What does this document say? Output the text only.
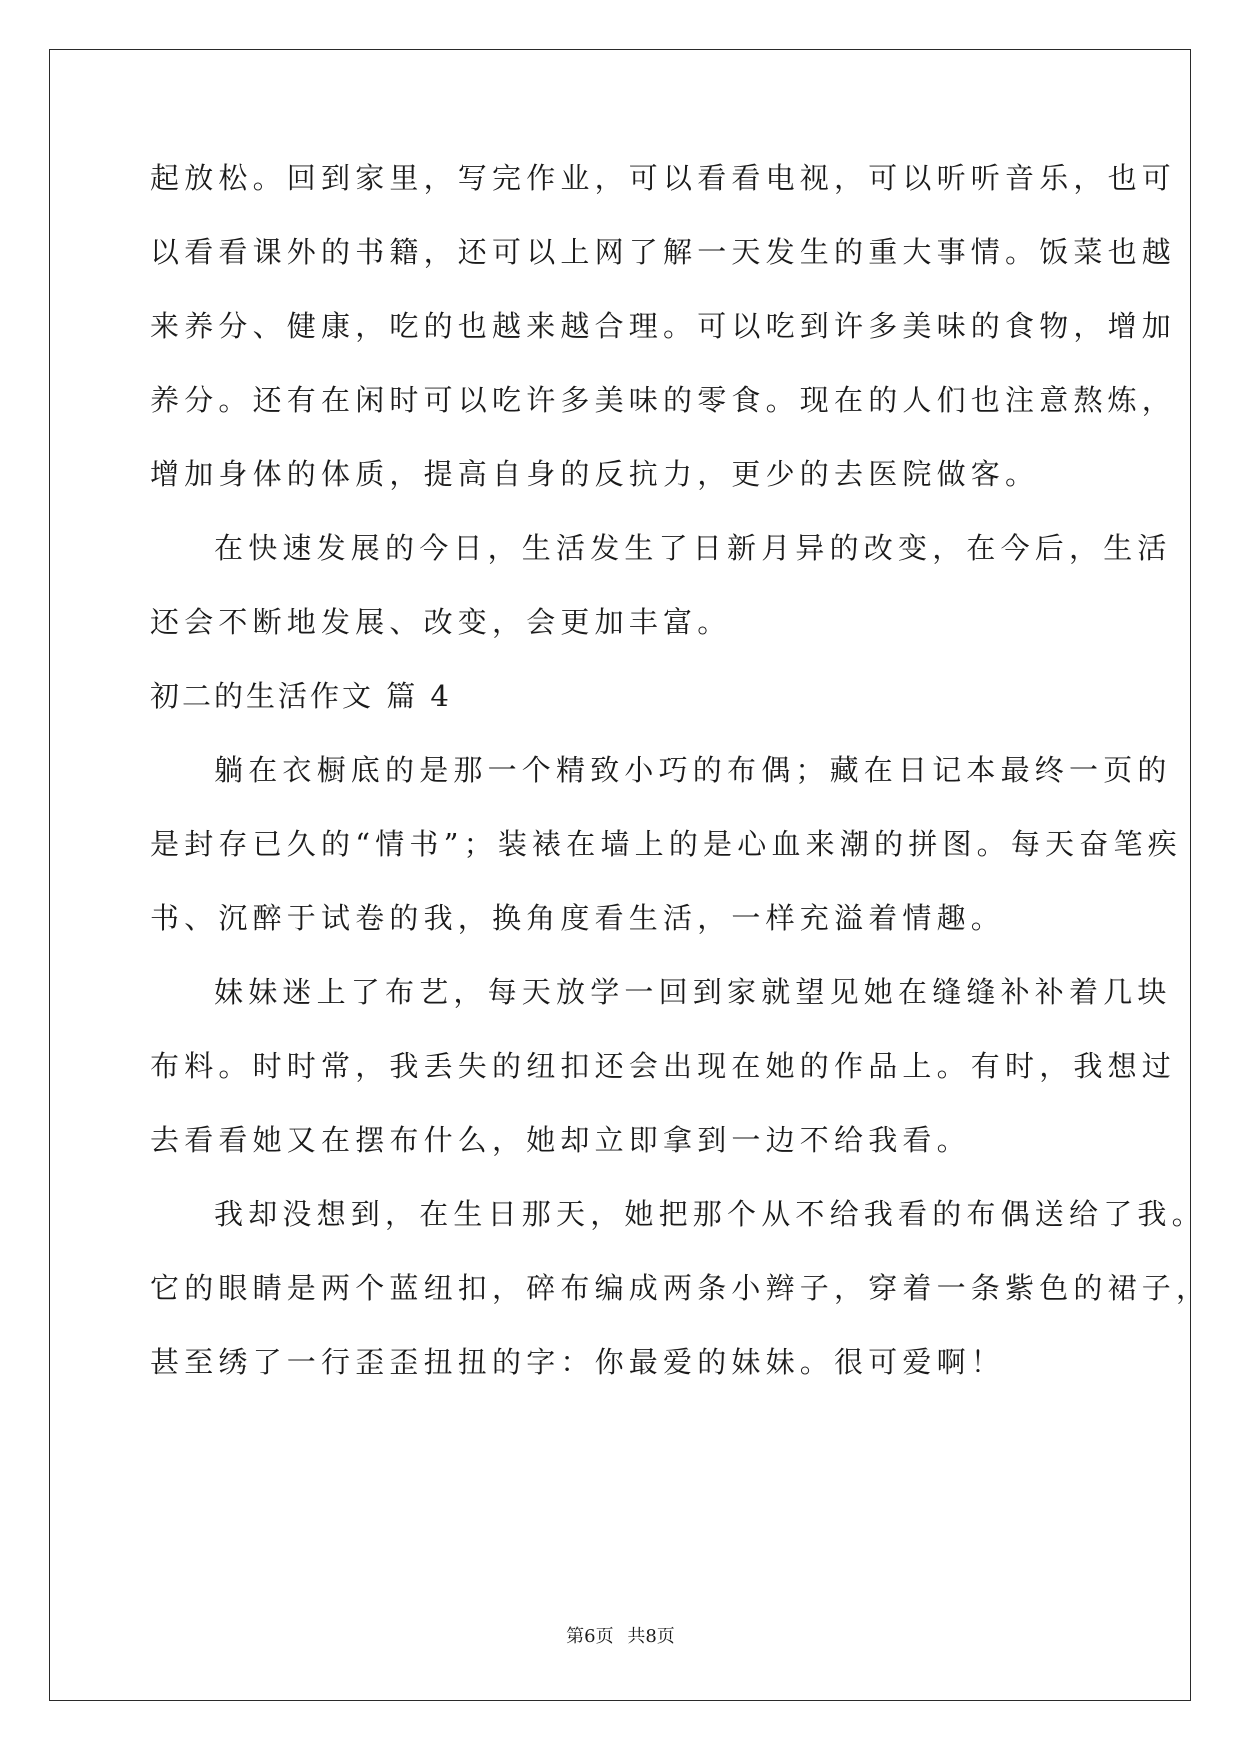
起放松。回到家里，写完作业，可以看看电视，可以听听音乐，也可
以看看课外的书籍，还可以上网了解一天发生的重大事情。饭菜也越
来养分、健康，吃的也越来越合理。可以吃到许多美味的食物，增加
养分。还有在闲时可以吃许多美味的零食。现在的人们也注意熬炼，
增加身体的体质，提高自身的反抗力，更少的去医院做客。
在快速发展的今日，生活发生了日新月异的改变，在今后，生活
还会不断地发展、改变，会更加丰富。
初二的生活作文 篇 4
躺在衣橱底的是那一个精致小巧的布偶；藏在日记本最终一页的
是封存已久的“情书”；装裱在墙上的是心血来潮的拼图。每天奋笔疾
书、沉醉于试卷的我，换角度看生活，一样充溢着情趣。
妹妹迷上了布艺，每天放学一回到家就望见她在缝缝补补着几块
布料。时时常，我丢失的纽扣还会出现在她的作品上。有时，我想过
去看看她又在摆布什么，她却立即拿到一边不给我看。
我却没想到，在生日那天，她把那个从不给我看的布偶送给了我。
它的眼睛是两个蓝纽扣，碎布编成两条小辫子，穿着一条紫色的裙子，
甚至绣了一行歪歪扭扭的字：你最爱的妹妹。很可爱啊！
第6页 共8页
